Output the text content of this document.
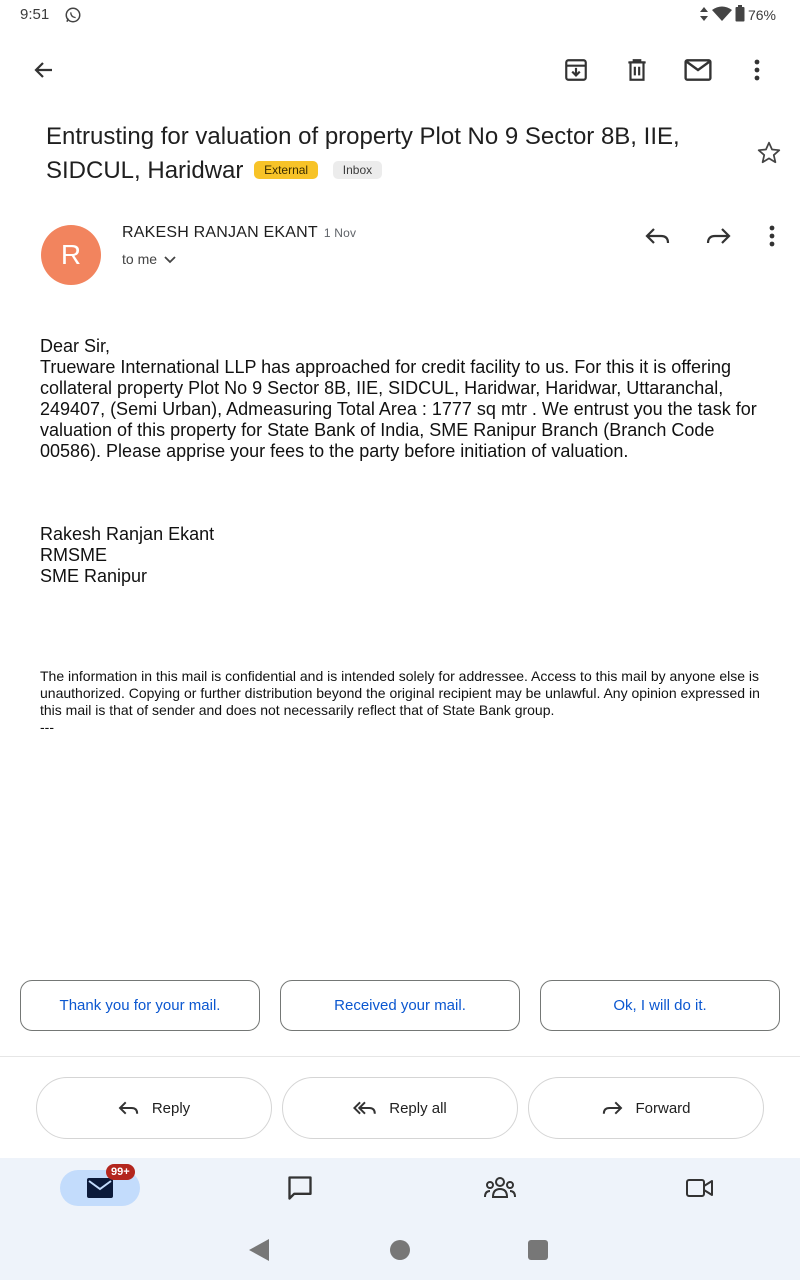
9:51	76%
Entrusting for valuation of property Plot No 9 Sector 8B, IIE, SIDCUL, Haridwar External	Inbox
R
RAKESH RANJAN EKANT 1 Nov
to me

Dear Sir,

Trueware International LLP has approached for credit facility to us. For this it is offering collateral property Plot No 9 Sector 8B, IIE, SIDCUL, Haridwar, Haridwar, Uttaranchal, 249407, (Semi Urban), Admeasuring Total Area : 1777 sq mtr . We entrust you the task for valuation of this property for State Bank of India, SME Ranipur Branch (Branch Code 00586). Please apprise your fees to the party before initiation of valuation.

Rakesh Ranjan Ekant
RMSME
SME Ranipur
The information in this mail is confidential and is intended solely for addressee. Access to this mail by anyone else is unauthorized. Copying or further distribution beyond the original recipient may be unlawful. Any opinion expressed in this mail is that of sender and does not necessarily reflect that of State Bank group.
---
Thank you for your mail.	Received your mail.	Ok, I will do it.
Reply	Reply all	Forward
99+
